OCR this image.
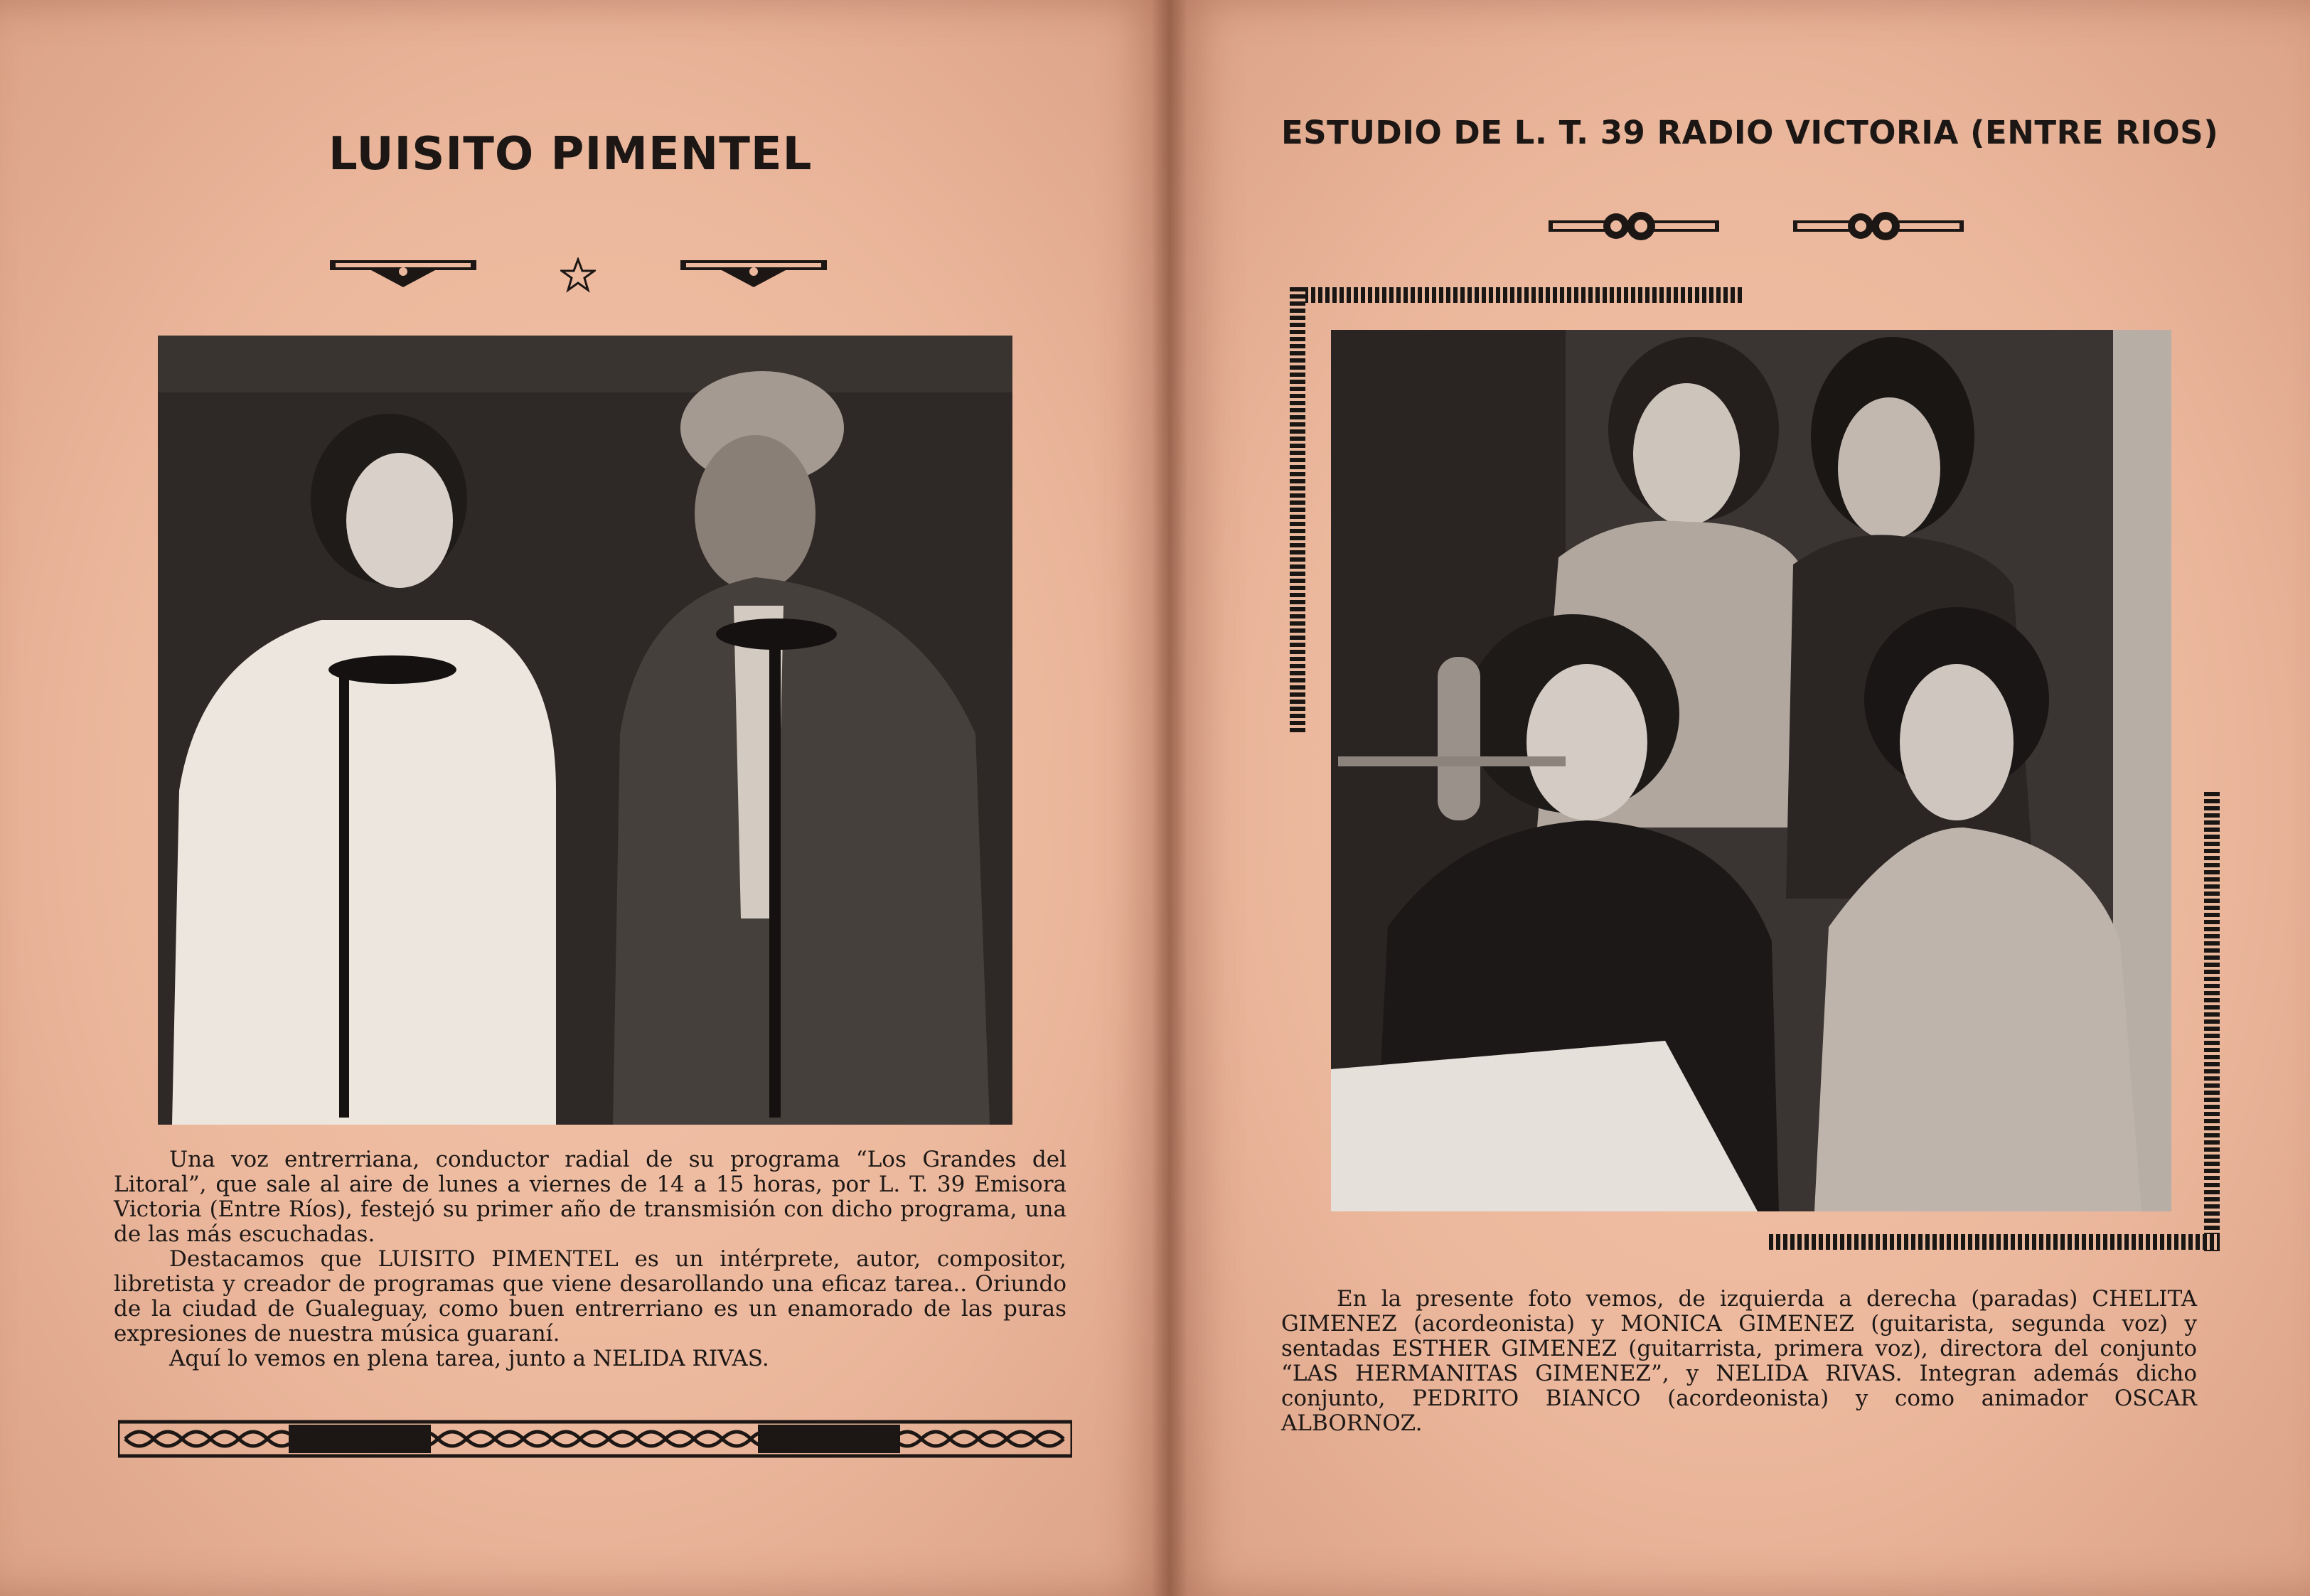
LUISITO PIMENTEL

Una voz entrerriana, conductor radial de su programa “Los Grandes del Litoral”, que sale al aire de lunes a viernes de 14 a 15 horas, por L. T. 39 Emisora Victoria (Entre Ríos), festejó su primer año de transmisión con dicho programa, una de las más escuchadas.

Destacamos que LUISITO PIMENTEL es un intérprete, autor, compositor, libretista y creador de programas que viene desarollando una eficaz tarea.. Oriundo de la ciudad de Gualeguay, como buen entrerriano es un enamorado de las puras expresiones de nuestra música guaraní.

Aquí lo vemos en plena tarea, junto a NELIDA RIVAS.

ESTUDIO DE L. T. 39 RADIO VICTORIA (ENTRE RIOS)
En la presente foto vemos, de izquierda a derecha (paradas) CHELITA GIMENEZ (acordeonista) y MONICA GIMENEZ (guitarista, segunda voz) y sentadas ESTHER GIMENEZ (guitarrista, primera voz), directora del conjunto “LAS HERMANITAS GIMENEZ”, y NELIDA RIVAS. Integran además dicho conjunto, PEDRITO BIANCO (acordeonista) y como animador OSCAR ALBORNOZ.
